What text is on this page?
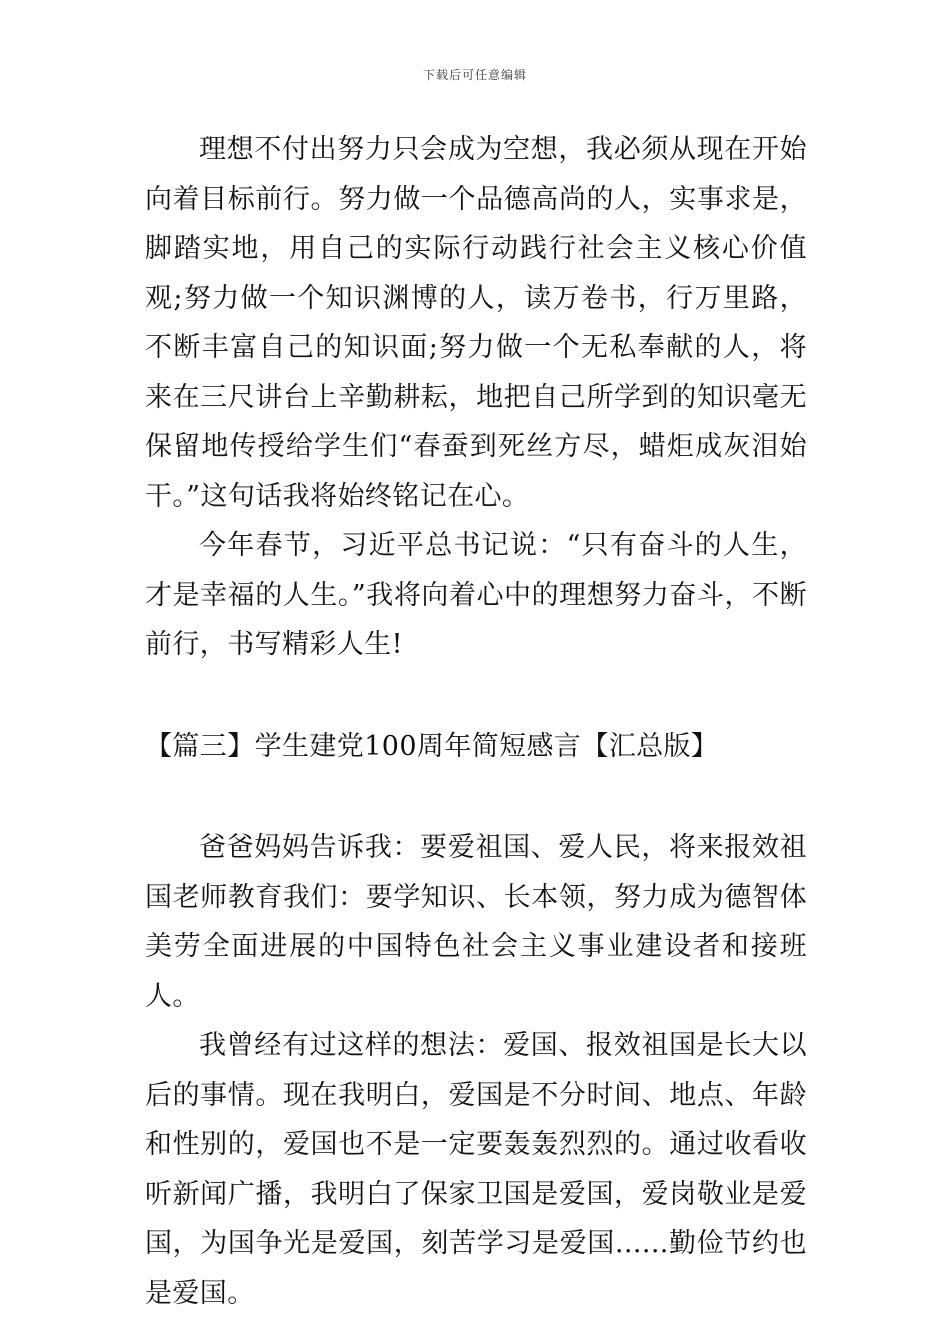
下载后可任意编辑

理想不付出努力只会成为空想，我必须从现在开始向着目标前行。努力做一个品德高尚的人，实事求是，脚踏实地，用自己的实际行动践行社会主义核心价值观;努力做一个知识渊博的人，读万卷书，行万里路，不断丰富自己的知识面;努力做一个无私奉献的人，将来在三尺讲台上辛勤耕耘，地把自己所学到的知识毫无保留地传授给学生们“春蚕到死丝方尽，蜡炬成灰泪始干。”这句话我将始终铭记在心。

今年春节，习近平总书记说：“只有奋斗的人生，才是幸福的人生。”我将向着心中的理想努力奋斗，不断前行，书写精彩人生!

【篇三】学生建党100周年简短感言【汇总版】

爸爸妈妈告诉我：要爱祖国、爱人民，将来报效祖国老师教育我们：要学知识、长本领，努力成为德智体美劳全面进展的中国特色社会主义事业建设者和接班人。

我曾经有过这样的想法：爱国、报效祖国是长大以后的事情。现在我明白，爱国是不分时间、地点、年龄和性别的，爱国也不是一定要轰轰烈烈的。通过收看收听新闻广播，我明白了保家卫国是爱国，爱岗敬业是爱国，为国争光是爱国，刻苦学习是爱国......勤俭节约也是爱国。
